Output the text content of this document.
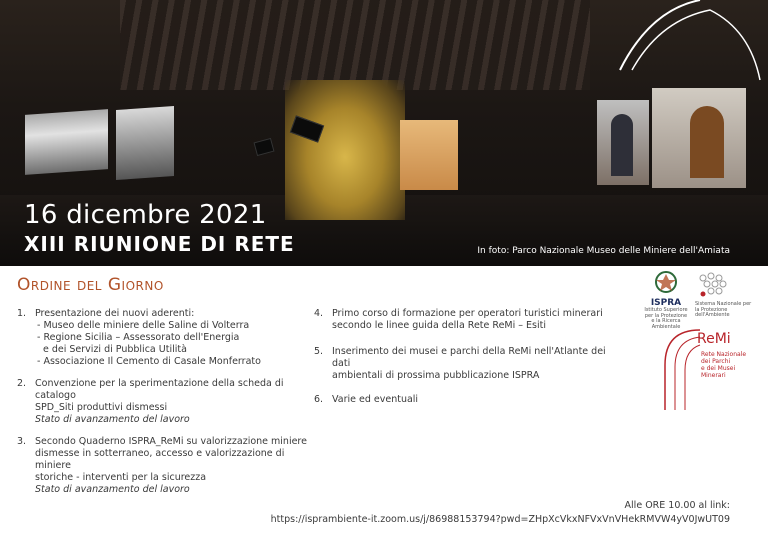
16 dicembre 2021
XIII RIUNIONE DI RETE	In foto: Parco Nazionale Museo delle Miniere dell'Amiata
Ordine del Giorno
1. Presentazione dei nuovi aderenti:
- Museo delle miniere delle Saline di Volterra
- Regione Sicilia – Assessorato dell'Energia
e dei Servizi di Pubblica Utilità
- Associazione Il Cemento di Casale Monferrato
2. Convenzione per la sperimentazione della scheda di catalogo
SPD_Siti produttivi dismessi
Stato di avanzamento del lavoro
3. Secondo Quaderno ISPRA_ReMi su valorizzazione miniere
dismesse in sotterraneo, accesso e valorizzazione di miniere
storiche - interventi per la sicurezza
Stato di avanzamento del lavoro
4. Primo corso di formazione per operatori turistici minerari
secondo le linee guida della Rete ReMi – Esiti
5. Inserimento dei musei e parchi della ReMi nell'Atlante dei dati
ambientali di prossima pubblicazione ISPRA
6. Varie ed eventuali
ISPRA
Istituto Superiore per la Protezione e la Ricerca Ambientale
Sistema Nazionale per la Protezione dell'Ambiente
ReMi
Rete Nazionale
dei Parchi
e dei Musei
Minerari
Alle ORE 10.00 al link:
https://isprambiente-it.zoom.us/j/86988153794?pwd=ZHpXcVkxNFVxVnVHekRMVW4yV0JwUT09
